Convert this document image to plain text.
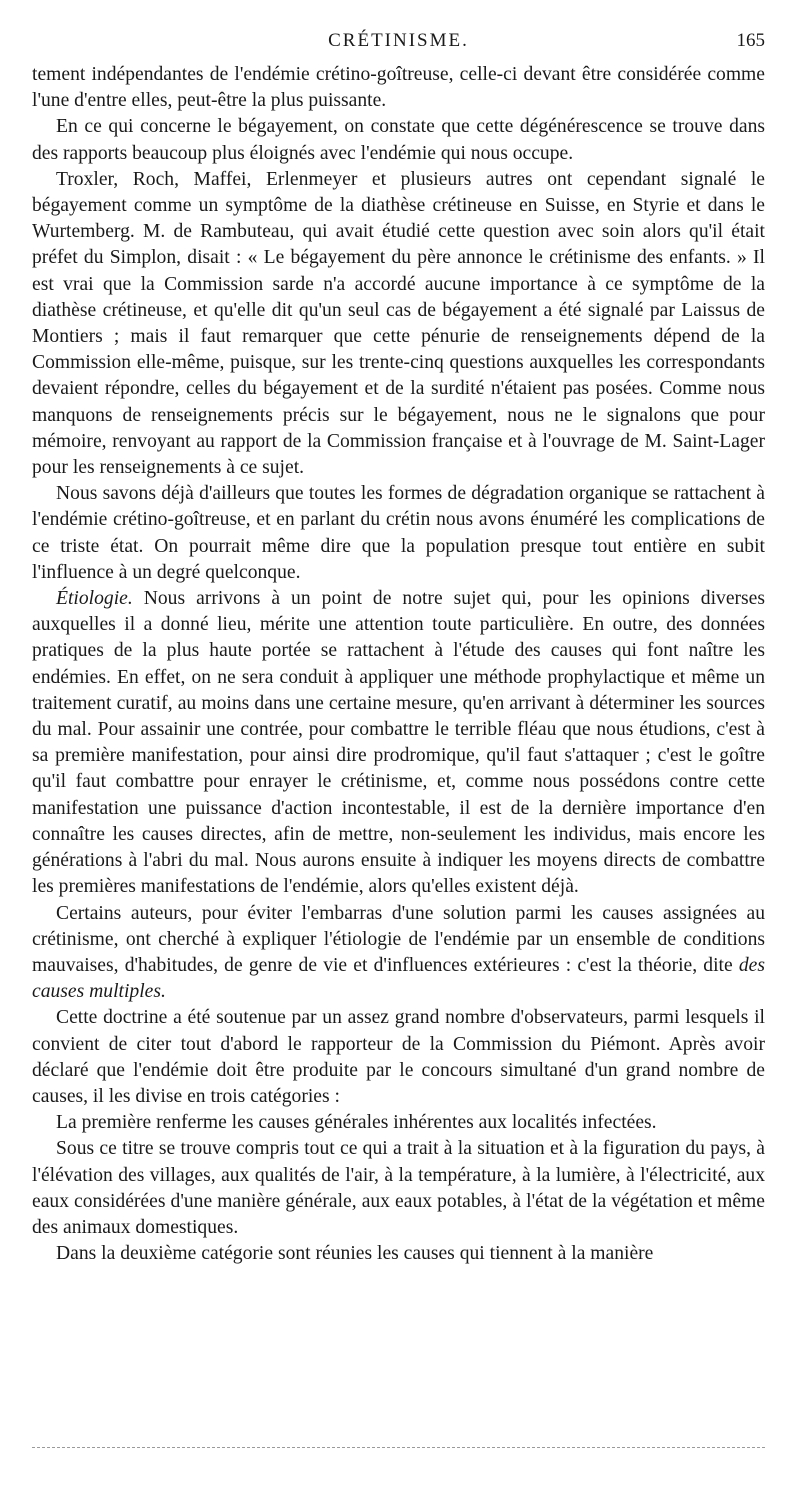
CRÉTINISME.	165

tement indépendantes de l'endémie crétino-goîtreuse, celle-ci devant être considérée comme l'une d'entre elles, peut-être la plus puissante.

En ce qui concerne le bégayement, on constate que cette dégénérescence se trouve dans des rapports beaucoup plus éloignés avec l'endémie qui nous occupe.

Troxler, Roch, Maffei, Erlenmeyer et plusieurs autres ont cependant signalé le bégayement comme un symptôme de la diathèse crétineuse en Suisse, en Styrie et dans le Wurtemberg. M. de Rambuteau, qui avait étudié cette question avec soin alors qu'il était préfet du Simplon, disait : « Le bégayement du père annonce le crétinisme des enfants. » Il est vrai que la Commission sarde n'a accordé aucune importance à ce symptôme de la diathèse crétineuse, et qu'elle dit qu'un seul cas de bégayement a été signalé par Laissus de Montiers ; mais il faut remarquer que cette pénurie de renseignements dépend de la Commission elle-même, puisque, sur les trente-cinq questions auxquelles les correspondants devaient répondre, celles du bégayement et de la surdité n'étaient pas posées. Comme nous manquons de renseignements précis sur le bégayement, nous ne le signalons que pour mémoire, renvoyant au rapport de la Commission française et à l'ouvrage de M. Saint-Lager pour les renseignements à ce sujet.

Nous savons déjà d'ailleurs que toutes les formes de dégradation organique se rattachent à l'endémie crétino-goîtreuse, et en parlant du crétin nous avons énuméré les complications de ce triste état. On pourrait même dire que la population presque tout entière en subit l'influence à un degré quelconque.

Étiologie. Nous arrivons à un point de notre sujet qui, pour les opinions diverses auxquelles il a donné lieu, mérite une attention toute particulière. En outre, des données pratiques de la plus haute portée se rattachent à l'étude des causes qui font naître les endémies. En effet, on ne sera conduit à appliquer une méthode prophylactique et même un traitement curatif, au moins dans une certaine mesure, qu'en arrivant à déterminer les sources du mal. Pour assainir une contrée, pour combattre le terrible fléau que nous étudions, c'est à sa première manifestation, pour ainsi dire prodromique, qu'il faut s'attaquer ; c'est le goître qu'il faut combattre pour enrayer le crétinisme, et, comme nous possédons contre cette manifestation une puissance d'action incontestable, il est de la dernière importance d'en connaître les causes directes, afin de mettre, non-seulement les individus, mais encore les générations à l'abri du mal. Nous aurons ensuite à indiquer les moyens directs de combattre les premières manifestations de l'endémie, alors qu'elles existent déjà.

Certains auteurs, pour éviter l'embarras d'une solution parmi les causes assignées au crétinisme, ont cherché à expliquer l'étiologie de l'endémie par un ensemble de conditions mauvaises, d'habitudes, de genre de vie et d'influences extérieures : c'est la théorie, dite des causes multiples.

Cette doctrine a été soutenue par un assez grand nombre d'observateurs, parmi lesquels il convient de citer tout d'abord le rapporteur de la Commission du Piémont. Après avoir déclaré que l'endémie doit être produite par le concours simultané d'un grand nombre de causes, il les divise en trois catégories :

La première renferme les causes générales inhérentes aux localités infectées.

Sous ce titre se trouve compris tout ce qui a trait à la situation et à la figuration du pays, à l'élévation des villages, aux qualités de l'air, à la température, à la lumière, à l'électricité, aux eaux considérées d'une manière générale, aux eaux potables, à l'état de la végétation et même des animaux domestiques.

Dans la deuxième catégorie sont réunies les causes qui tiennent à la manière
